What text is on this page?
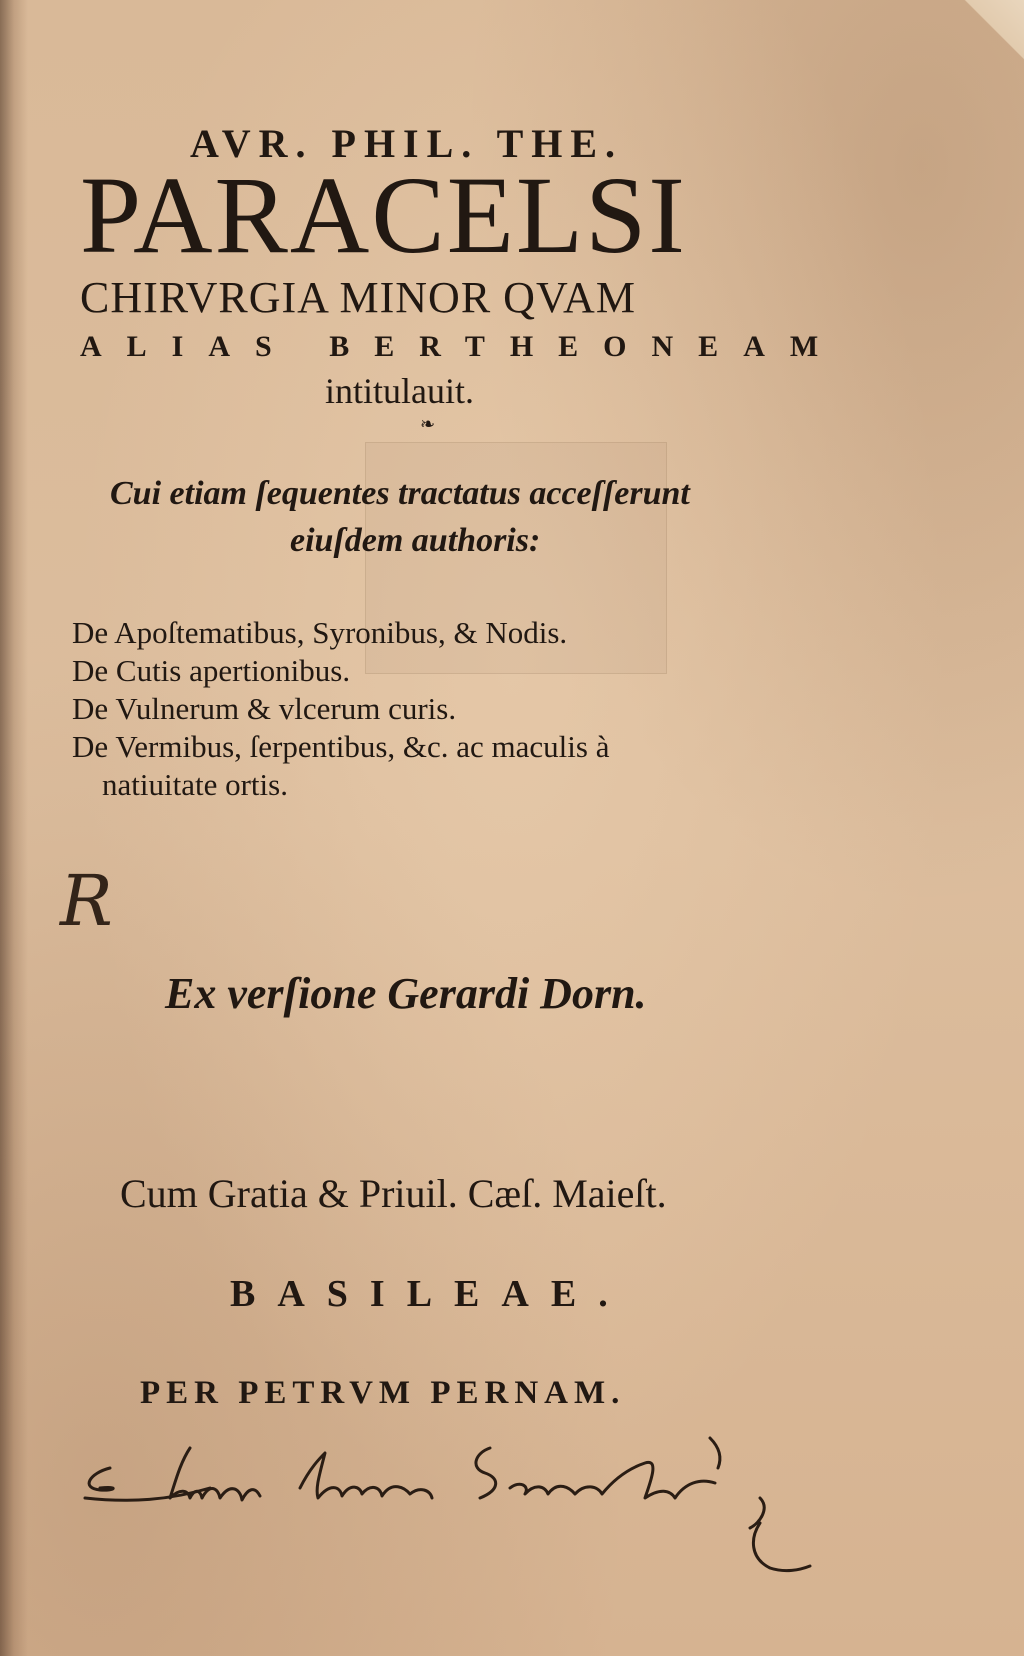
AVR. PHIL. THE.

PARACELSI

CHIRVRGIA MINOR QVAM

ALIAS BERTHEONEAM

intitulauit.

❧

Cui etiam ſequentes tractatus acceſſerunt

eiuſdem authoris:

De Apoſtematibus, Syronibus, & Nodis.
De Cutis apertionibus.
De Vulnerum & vlcerum curis.
De Vermibus, ſerpentibus, &c. ac maculis à
natiuitate ortis.

R

Ex verſione Gerardi Dorn.

Cum Gratia & Priuil. Cæſ. Maieſt.

BASILEAE.

PER PETRVM PERNAM.
